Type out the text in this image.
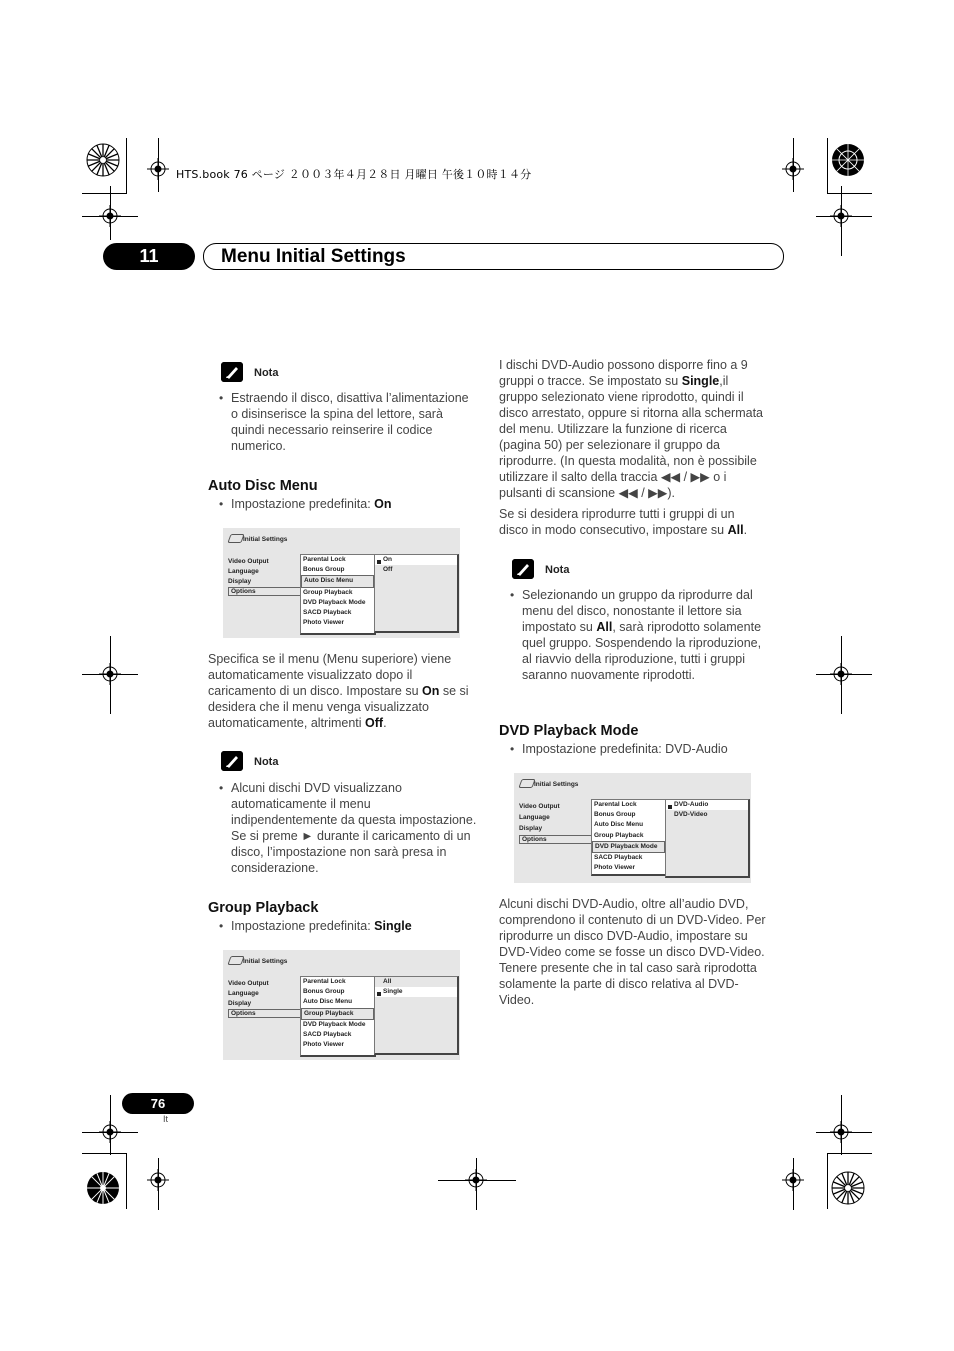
HTS.book 76 ページ ２００３年４月２８日 月曜日 午後１０時１４分
11	Menu Initial Settings
Nota
• Estraendo il disco, disattiva l’alimentazione o disinserisce la spina del lettore, sarà quindi necessario reinserire il codice numerico.
Auto Disc Menu
• Impostazione predefinita: On
Initial Settings
Video Output
Language
Display
Options
Parental Lock
Bonus Group
Auto Disc Menu
Group Playback
DVD Playback Mode
SACD Playback
Photo Viewer
On
Off
Specifica se il menu (Menu superiore) viene automaticamente visualizzato dopo il caricamento di un disco. Impostare su On se si desidera che il menu venga visualizzato automaticamente, altrimenti Off.
Nota
• Alcuni dischi DVD visualizzano automaticamente il menu indipendentemente da questa impostazione. Se si preme ► durante il caricamento di un disco, l’impostazione non sarà presa in considerazione.
Group Playback
• Impostazione predefinita: Single
Initial Settings
Video Output
Language
Display
Options
Parental Lock
Bonus Group
Auto Disc Menu
Group Playback
DVD Playback Mode
SACD Playback
Photo Viewer
All
Single
I dischi DVD-Audio possono disporre fino a 9 gruppi o tracce. Se impostato su Single,il gruppo selezionato viene riprodotto, quindi il disco arrestato, oppure si ritorna alla schermata del menu. Utilizzare la funzione di ricerca (pagina 50) per selezionare il gruppo da riprodurre. (In questa modalità, non è possibile utilizzare il salto della traccia ◀◀ / ▶▶ o i pulsanti di scansione ◀◀ / ▶▶).
Se si desidera riprodurre tutti i gruppi di un disco in modo consecutivo, impostare su All.
Nota
• Selezionando un gruppo da riprodurre dal menu del disco, nonostante il lettore sia impostato su All, sarà riprodotto solamente quel gruppo. Sospendendo la riproduzione, al riavvio della riproduzione, tutti i gruppi saranno nuovamente riprodotti.
DVD Playback Mode
• Impostazione predefinita: DVD-Audio
Initial Settings
Video Output
Language
Display
Options
Parental Lock
Bonus Group
Auto Disc Menu
Group Playback
DVD Playback Mode
SACD Playback
Photo Viewer
DVD-Audio
DVD-Video
Alcuni dischi DVD-Audio, oltre all’audio DVD, comprendono il contenuto di un DVD-Video. Per riprodurre un disco DVD-Audio, impostare su DVD-Video come se fosse un disco DVD-Video. Tenere presente che in tal caso sarà riprodotta solamente la parte di disco relativa al DVD-Video.
76
It
